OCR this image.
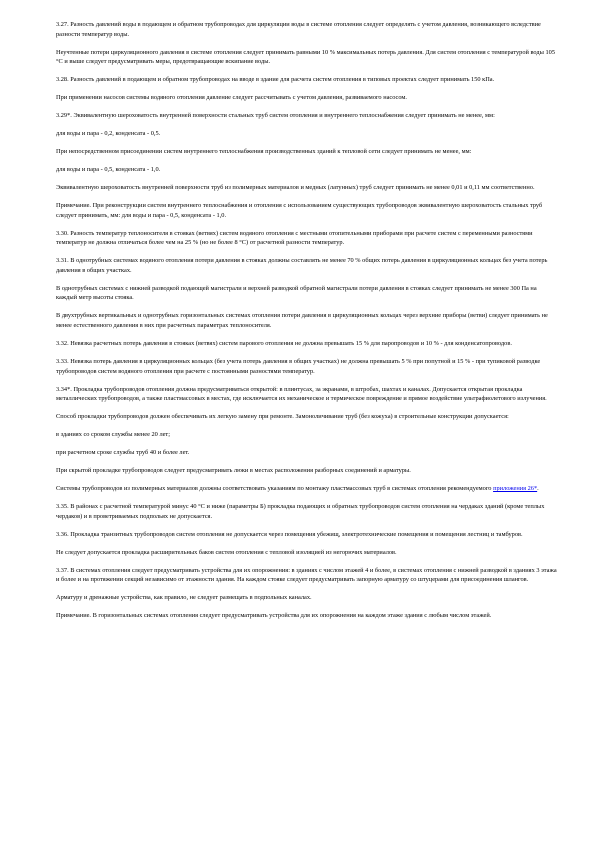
3.27. Разность давлений воды в подающем и обратном трубопроводах для циркуляции воды в системе отопления следует определять с учетом давления, возникающего вследствие разности температур воды.

Неучтенные потери циркуляционного давления в системе отопления следует принимать равными 10 % максимальных потерь давления. Для систем отопления с температурой воды 105 °С и выше следует предусматривать меры, предотвращающие вскипание воды.

3.28. Разность давлений в подающем и обратном трубопроводах на вводе в здание для расчета систем отопления в типовых проектах следует принимать 150 кПа.

При применении насосов системы водяного отопления давление следует рассчитывать с учетом давления, развиваемого насосом.

3.29*. Эквивалентную шероховатость внутренней поверхности стальных труб систем отопления и внутреннего теплоснабжения следует принимать не менее, мм:

для воды и пара - 0,2, конденсата - 0,5.

При непосредственном присоединении систем внутреннего теплоснабжения производственных зданий к тепловой сети следует принимать не менее, мм:

для воды и пара - 0,5, конденсата - 1,0.

Эквивалентную шероховатость внутренней поверхности труб из полимерных материалов и медных (латунных) труб следует принимать не менее 0,01 и 0,11 мм соответственно.

Примечание. При реконструкции систем внутреннего теплоснабжения и отопления с использованием существующих трубопроводов эквивалентную шероховатость стальных труб следует принимать, мм: для воды и пара - 0,5, конденсата - 1,0.

3.30. Разность температур теплоносителя в стояках (ветвях) систем водяного отопления с местными отопительными приборами при расчете систем с переменными разностями температур не должна отличаться более чем на 25 % (но не более 8 °С) от расчетной разности температур.

3.31. В однотрубных системах водяного отопления потери давления в стояках должны составлять не менее 70 % общих потерь давления в циркуляционных кольцах без учета потерь давления в общих участках.

В однотрубных системах с нижней разводкой подающей магистрали и верхней разводкой обратной магистрали потери давления в стояках следует принимать не менее 300 Па на каждый метр высоты стояка.

В двухтрубных вертикальных и однотрубных горизонтальных системах отопления потери давления в циркуляционных кольцах через верхние приборы (ветви) следует принимать не менее естественного давления в них при расчетных параметрах теплоносителя.

3.32. Невязка расчетных потерь давления в стояках (ветвях) систем парового отопления не должна превышать 15 % для паропроводов и 10 % - для конденсатопроводов.

3.33. Невязка потерь давления в циркуляционных кольцах (без учета потерь давления в общих участках) не должна превышать 5 % при попутной и 15 % - при тупиковой разводке трубопроводов систем водяного отопления при расчете с постоянными разностями температур.

3.34*. Прокладка трубопроводов отопления должна предусматриваться открытой: в плинтусах, за экранами, в штробах, шахтах и каналах. Допускается открытая прокладка металлических трубопроводов, а также пластмассовых в местах, где исключается их механическое и термическое повреждение и прямое воздействие ультрафиолетового излучения.

Способ прокладки трубопроводов должен обеспечивать их легкую замену при ремонте. Замоноличивание труб (без кожуха) в строительные конструкции допускается:

в зданиях со сроком службы менее 20 лет;

при расчетном сроке службы труб 40 и более лет.

При скрытой прокладке трубопроводов следует предусматривать люки в местах расположения разборных соединений и арматуры.

Системы трубопроводов из полимерных материалов должны соответствовать указаниям по монтажу пластмассовых труб в системах отопления рекомендуемого приложения 26*.

3.35. В районах с расчетной температурой минус 40 °С и ниже (параметры Б) прокладка подающих и обратных трубопроводов систем отопления на чердаках зданий (кроме теплых чердаков) и в проветриваемых подпольях не допускается.

3.36. Прокладка транзитных трубопроводов систем отопления не допускается через помещения убежищ, электротехнические помещения и помещения лестниц и тамбуров.

Не следует допускается прокладка расширительных баков систем отопления с тепловой изоляцией из негорючих материалов.

3.37. В системах отопления следует предусматривать устройства для их опорожнения: в зданиях с числом этажей 4 и более, в системах отопления с нижней разводкой в зданиях 3 этажа и более и на протяжении секций независимо от этажности здания. На каждом стояке следует предусматривать запорную арматуру со штуцерами для присоединения шлангов.

Арматуру и дренажные устройства, как правило, не следует размещать в подпольных каналах.

Примечание. В горизонтальных системах отопления следует предусматривать устройства для их опорожнения на каждом этаже здания с любым числом этажей.
